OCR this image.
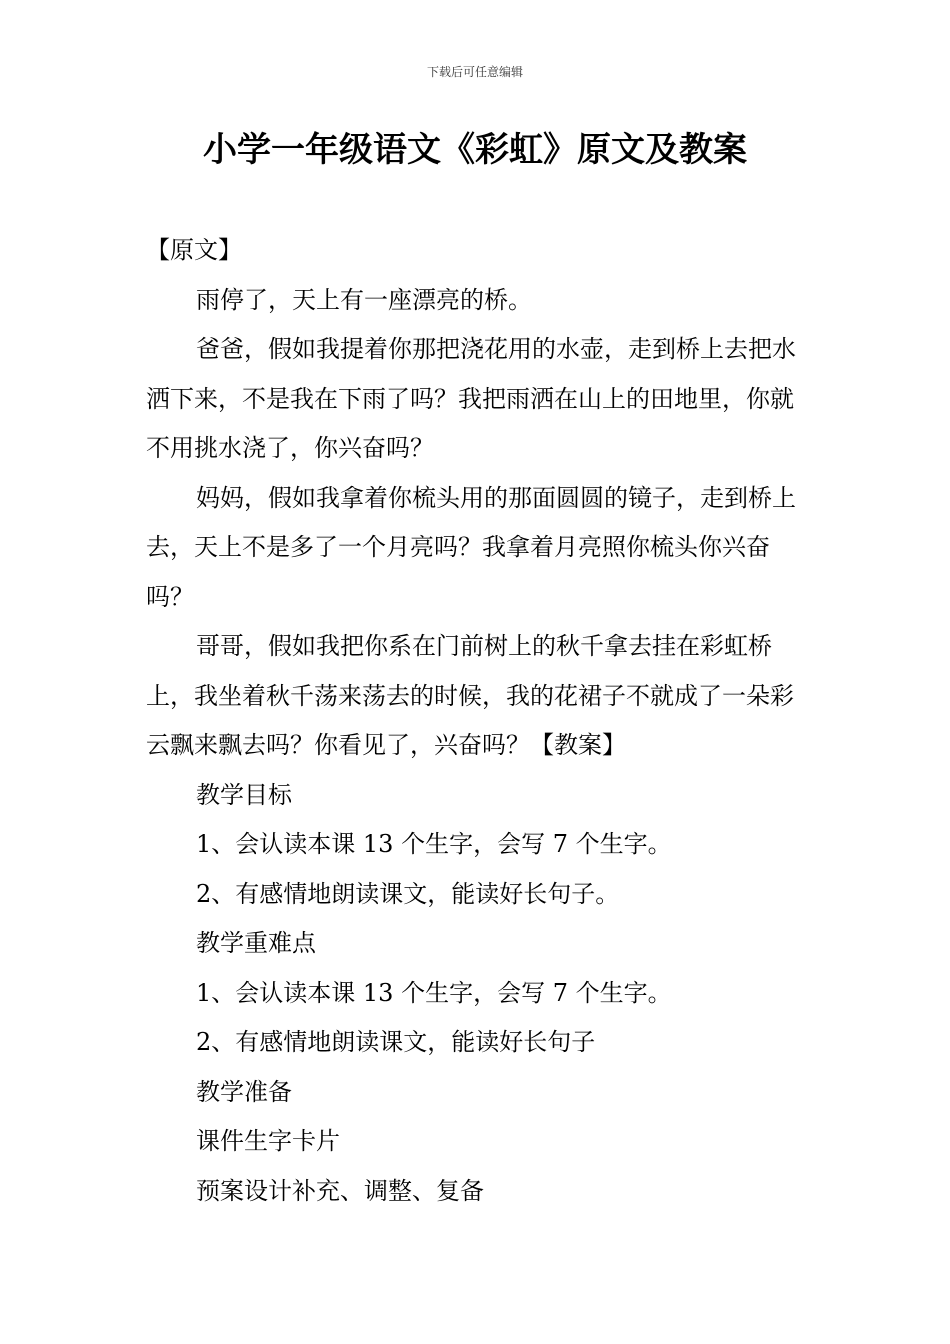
下载后可任意编辑
小学一年级语文《彩虹》原文及教案

【原文】

雨停了，天上有一座漂亮的桥。

爸爸，假如我提着你那把浇花用的水壶，走到桥上去把水洒下来，不是我在下雨了吗？我把雨洒在山上的田地里，你就不用挑水浇了，你兴奋吗？

妈妈，假如我拿着你梳头用的那面圆圆的镜子，走到桥上去，天上不是多了一个月亮吗？我拿着月亮照你梳头你兴奋吗？

哥哥，假如我把你系在门前树上的秋千拿去挂在彩虹桥上，我坐着秋千荡来荡去的时候，我的花裙子不就成了一朵彩云飘来飘去吗？你看见了，兴奋吗？【教案】

教学目标

1、会认读本课 13 个生字，会写 7 个生字。

2、有感情地朗读课文，能读好长句子。

教学重难点

1、会认读本课 13 个生字，会写 7 个生字。

2、有感情地朗读课文，能读好长句子

教学准备

课件生字卡片

预案设计补充、调整、复备
